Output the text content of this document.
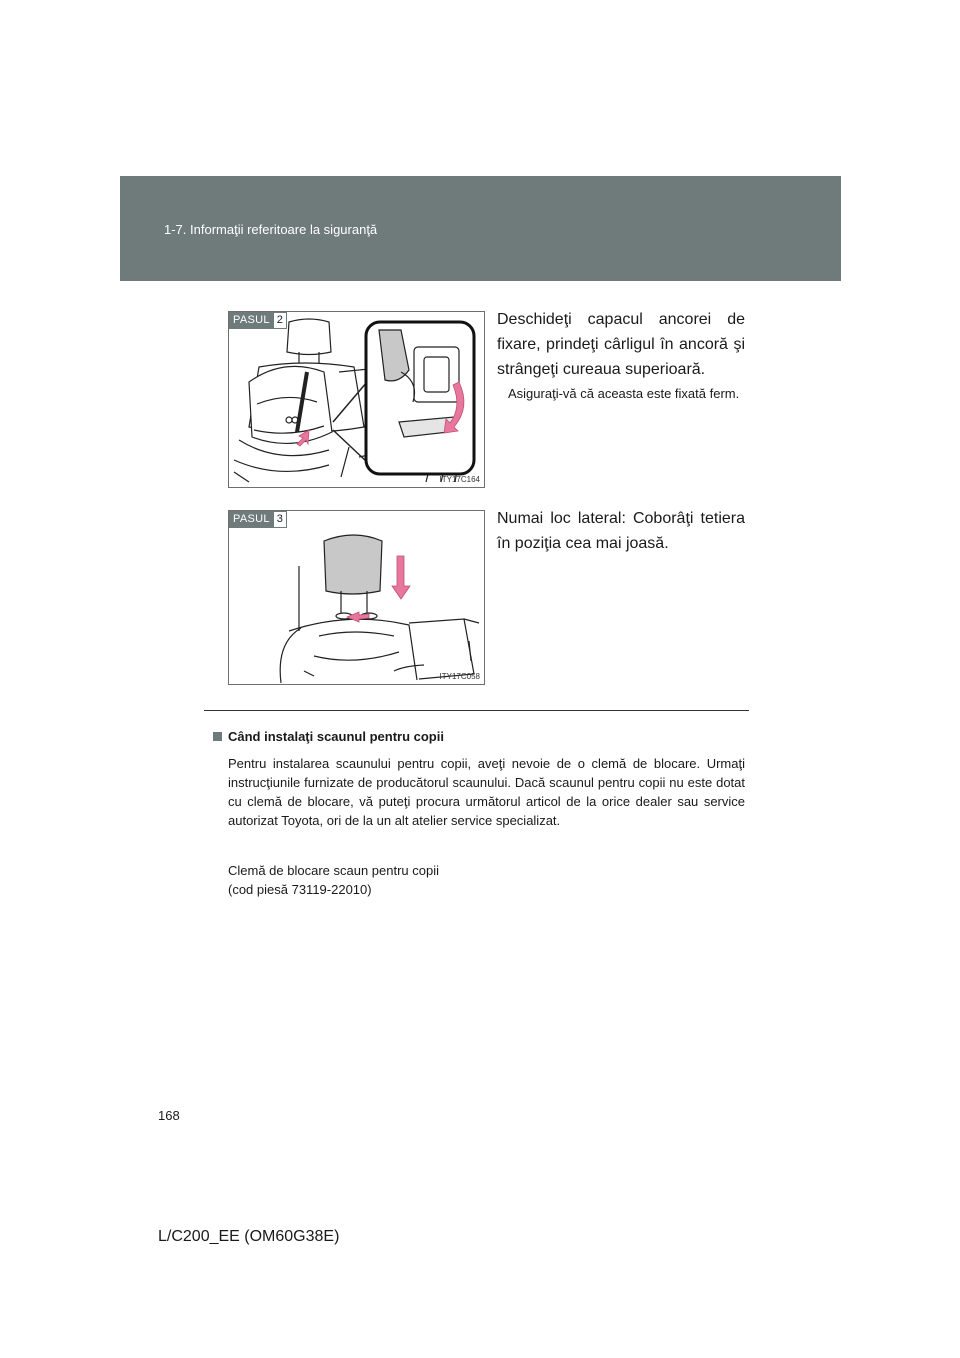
1-7. Informaţii referitoare la siguranţă
PASUL 2
ITY17C164
Deschideţi capacul ancorei de fixare, prindeţi cârligul în ancoră şi strângeţi cureaua superioară.
Asiguraţi-vă că aceasta este fixată ferm.
PASUL 3
ITY17C058
Numai loc lateral: Coborâţi tetiera în poziţia cea mai joasă.
Când instalaţi scaunul pentru copii
Pentru instalarea scaunului pentru copii, aveţi nevoie de o clemă de blocare. Urmaţi instrucţiunile furnizate de producătorul scaunului. Dacă scaunul pentru copii nu este dotat cu clemă de blocare, vă puteţi procura următorul articol de la orice dealer sau service autorizat Toyota, ori de la un alt atelier service specializat.
Clemă de blocare scaun pentru copii
(cod piesă 73119-22010)
168
L/C200_EE (OM60G38E)
